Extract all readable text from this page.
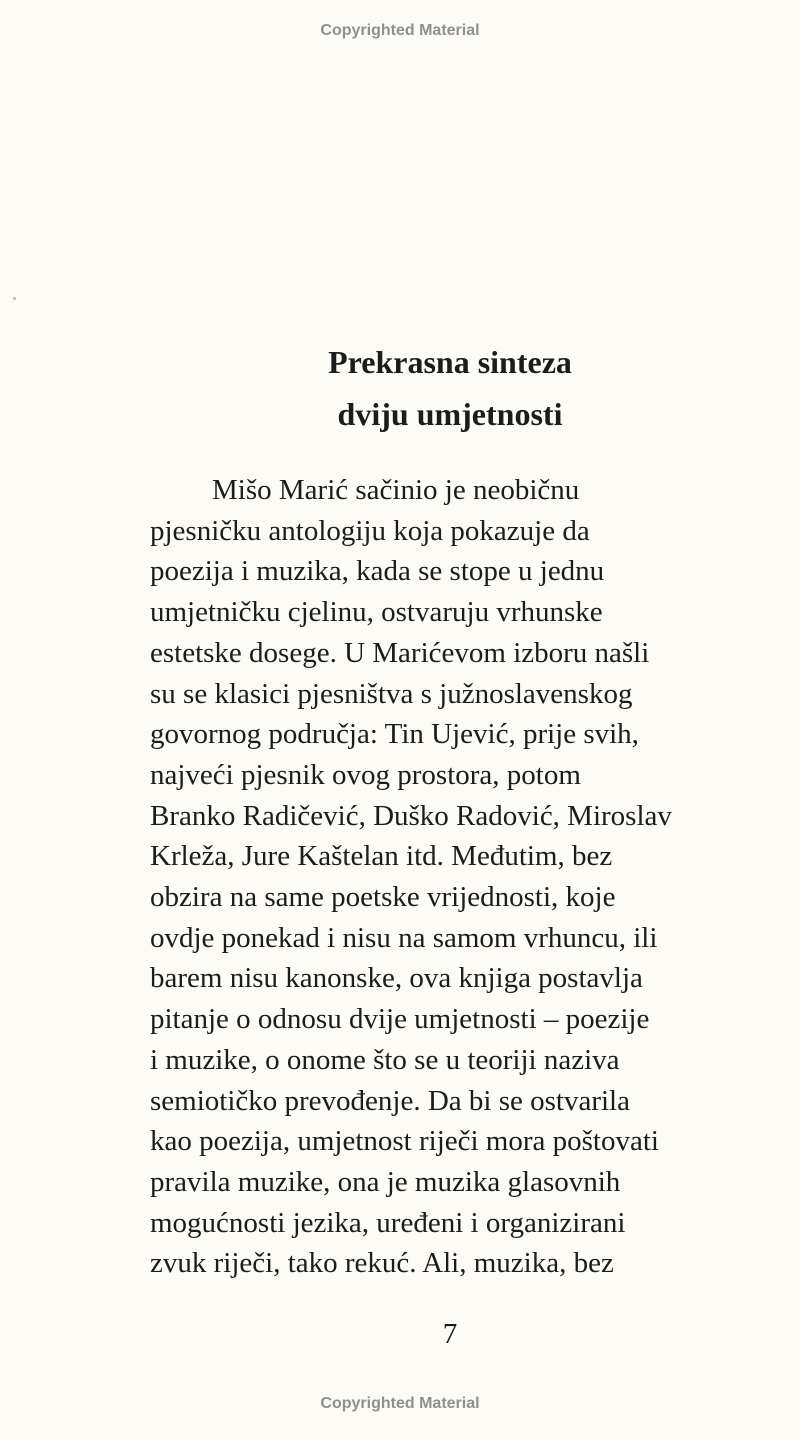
Copyrighted Material
Prekrasna sinteza
dviju umjetnosti
Mišo Marić sačinio je neobičnu
pjesničku antologiju koja pokazuje da
poezija i muzika, kada se stope u jednu
umjetničku cjelinu, ostvaruju vrhunske
estetske dosege. U Marićevom izboru našli
su se klasici pjesništva s južnoslavenskog
govornog područja: Tin Ujević, prije svih,
najveći pjesnik ovog prostora, potom
Branko Radičević, Duško Radović, Miroslav
Krleža, Jure Kaštelan itd. Međutim, bez
obzira na same poetske vrijednosti, koje
ovdje ponekad i nisu na samom vrhuncu, ili
barem nisu kanonske, ova knjiga postavlja
pitanje o odnosu dvije umjetnosti – poezije
i muzike, o onome što se u teoriji naziva
semiotičko prevođenje. Da bi se ostvarila
kao poezija, umjetnost riječi mora poštovati
pravila muzike, ona je muzika glasovnih
mogućnosti jezika, uređeni i organizirani
zvuk riječi, tako rekuć. Ali, muzika, bez
7
Copyrighted Material
